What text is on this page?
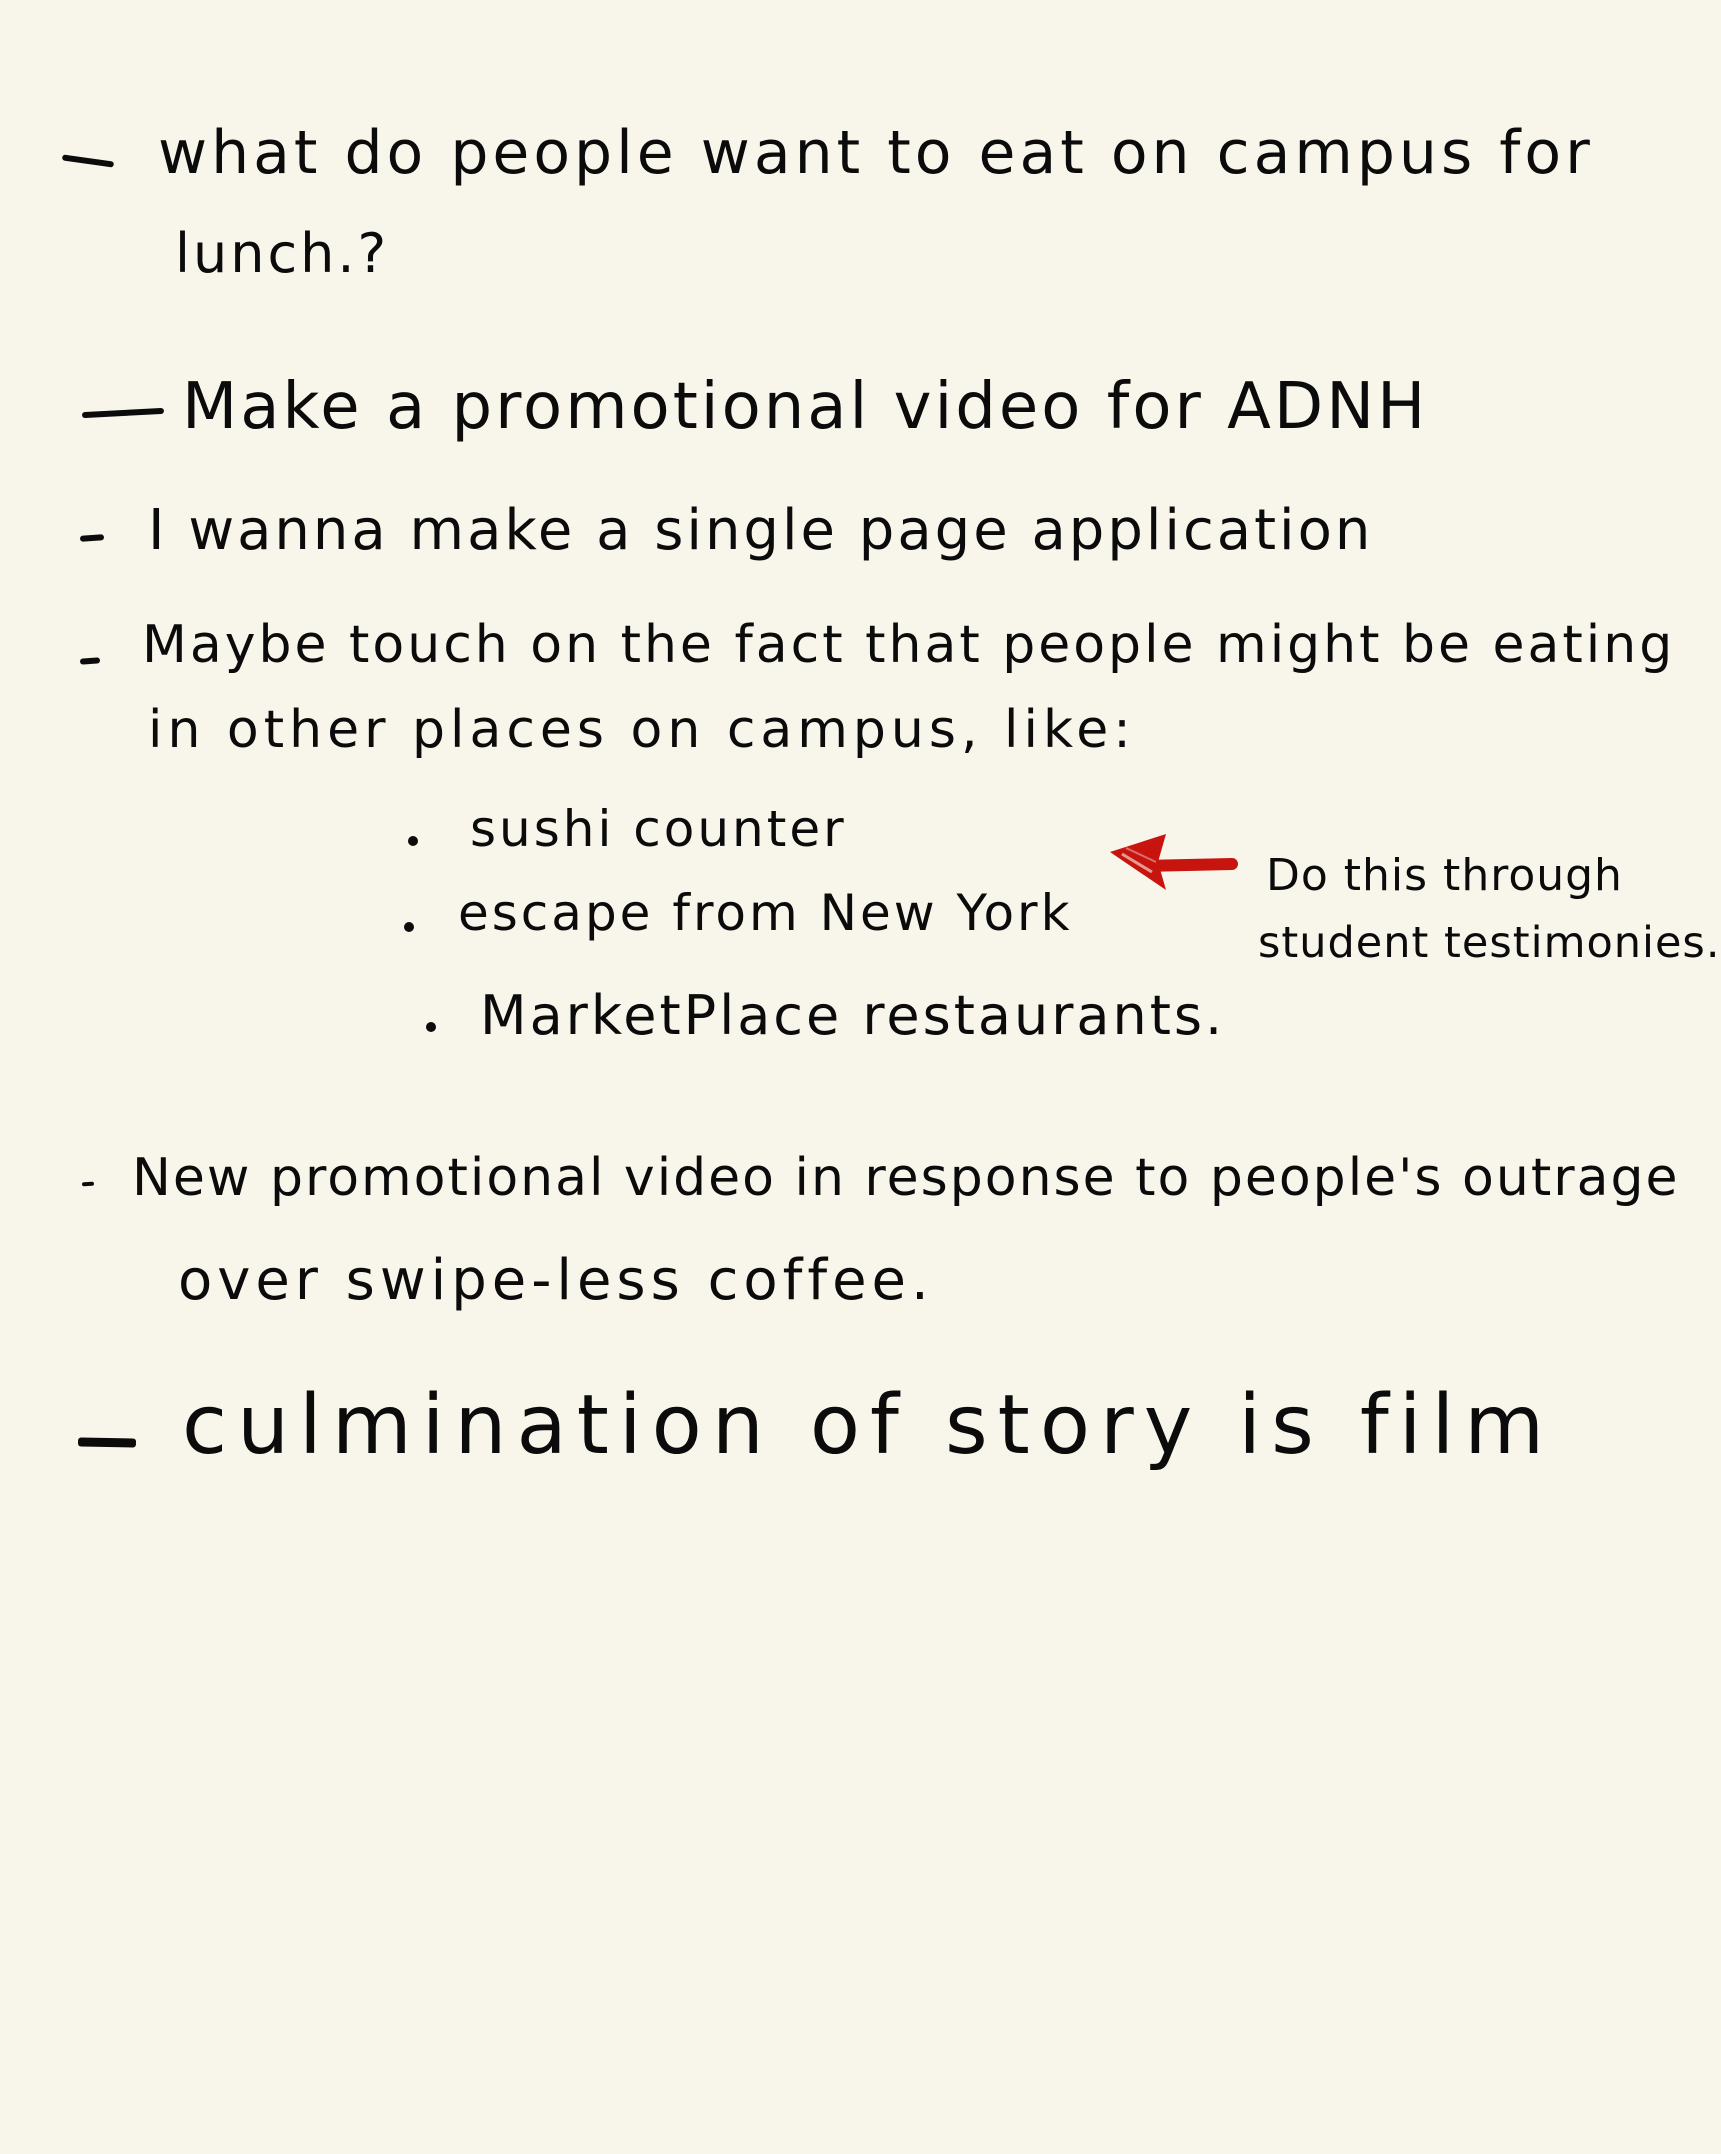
what do people want to eat on campus for
lunch.?
Make a promotional video for ADNH
I wanna make a single page application
Maybe touch on the fact that people might be eating
in other places on campus, like:
sushi counter
escape from New York
MarketPlace restaurants.
Do this through
student testimonies.
New promotional video in response to people's outrage
over swipe-less coffee.
culmination of story is film
